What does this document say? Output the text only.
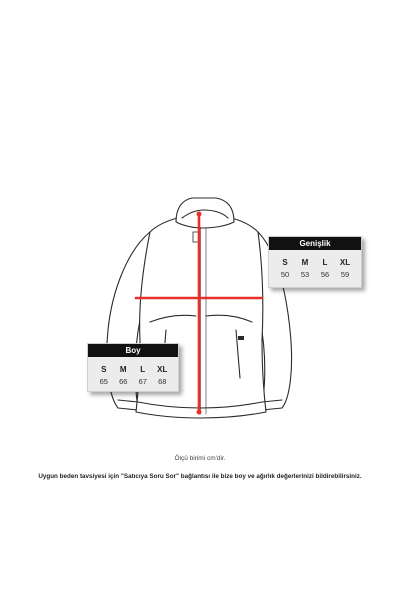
Genişlik
S	M	L	XL
50	53	56	59
Boy
S	M	L	XL
65	66	67	68
Ölçü birimi cm'dir.
Uygun beden tavsiyesi için "Satıcıya Soru Sor" bağlantısı ile bize boy ve ağırlık değerlerinizi bildirebilirsiniz.
